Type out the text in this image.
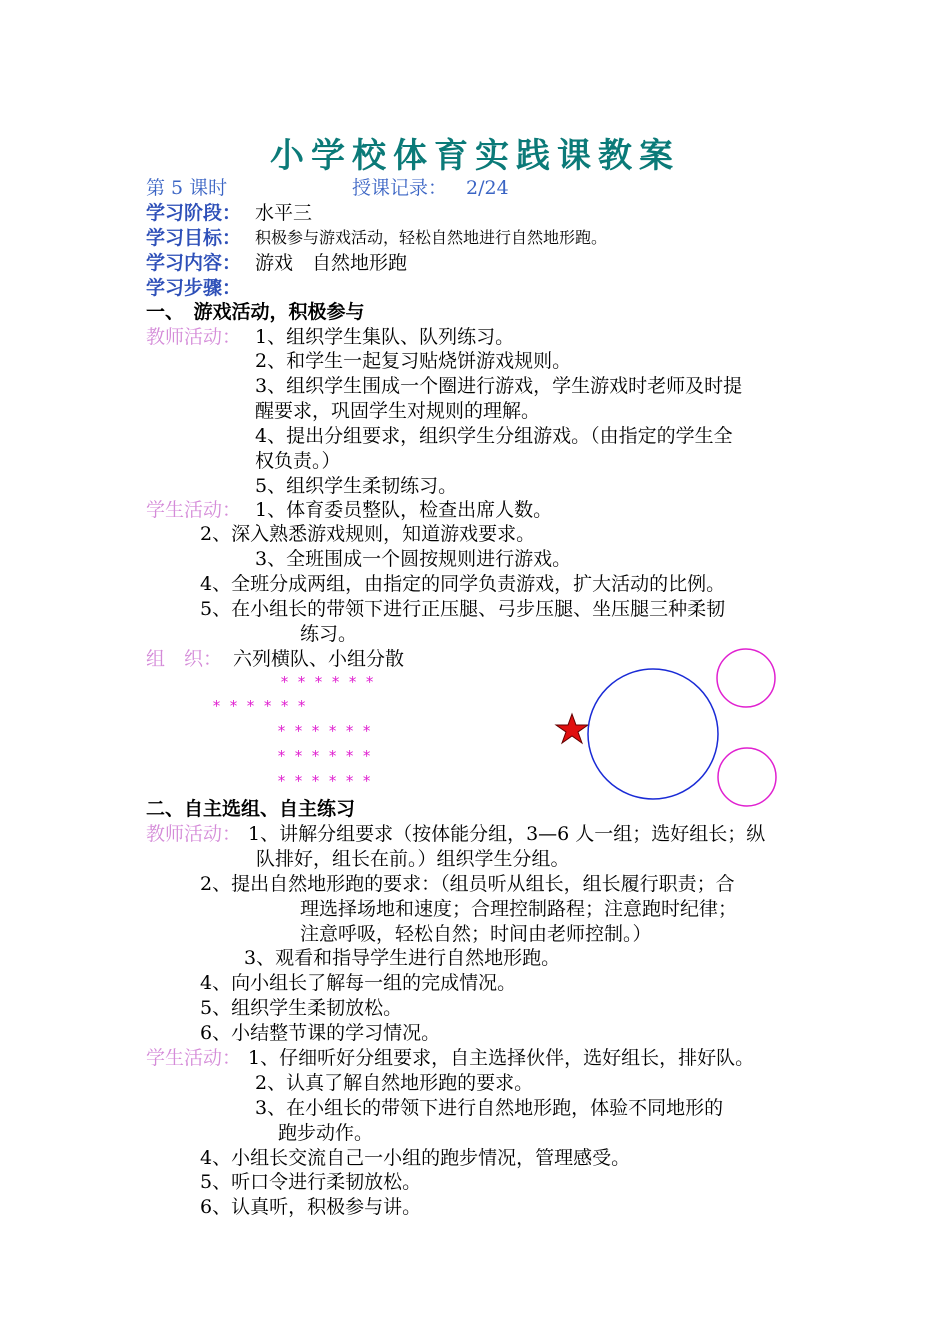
小学校体育实践课教案
第 5 课时	授课记录： 2/24
学习阶段： 水平三
学习目标： 积极参与游戏活动，轻松自然地进行自然地形跑。
学习内容： 游戏　自然地形跑
学习步骤：
一、　游戏活动，积极参与
教师活动： 1、组织学生集队、队列练习。
2、和学生一起复习贴烧饼游戏规则。
3、组织学生围成一个圈进行游戏，学生游戏时老师及时提
醒要求，巩固学生对规则的理解。
4、提出分组要求，组织学生分组游戏。（由指定的学生全
权负责。）
5、组织学生柔韧练习。
学生活动： 1、体育委员整队，检查出席人数。
2、深入熟悉游戏规则，知道游戏要求。
3、全班围成一个圆按规则进行游戏。
4、全班分成两组，由指定的同学负责游戏，扩大活动的比例。
5、在小组长的带领下进行正压腿、弓步压腿、坐压腿三种柔韧
练习。
组　织： 六列横队、小组分散
******
******
******
******
******
二、自主选组、自主练习
教师活动： 1、讲解分组要求（按体能分组，3—6 人一组；选好组长；纵
队排好，组长在前。）组织学生分组。
2、提出自然地形跑的要求：（组员听从组长，组长履行职责；合
理选择场地和速度；合理控制路程；注意跑时纪律；
注意呼吸，轻松自然；时间由老师控制。）
3、观看和指导学生进行自然地形跑。
4、向小组长了解每一组的完成情况。
5、组织学生柔韧放松。
6、小结整节课的学习情况。
学生活动： 1、仔细听好分组要求，自主选择伙伴，选好组长，排好队。
2、认真了解自然地形跑的要求。
3、在小组长的带领下进行自然地形跑，体验不同地形的
跑步动作。
4、小组长交流自己一小组的跑步情况，管理感受。
5、听口令进行柔韧放松。
6、认真听，积极参与讲。
